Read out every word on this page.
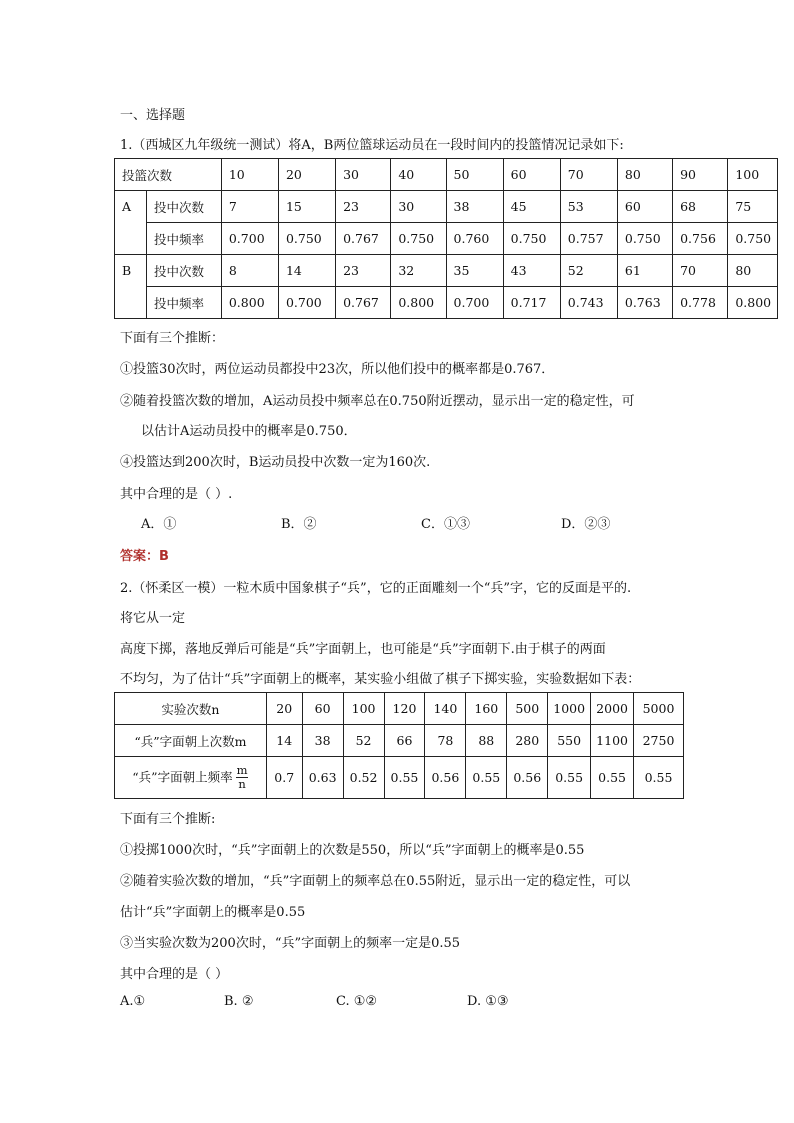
一、选择题
1.（西城区九年级统一测试）将A，B两位篮球运动员在一段时间内的投篮情况记录如下:
投篮次数		10	20	30	40	50	60	70	80	90	100
A	投中次数	7	15	23	30	38	45	53	60	68	75
	投中频率	0.700	0.750	0.767	0.750	0.760	0.750	0.757	0.750	0.756	0.750
B	投中次数	8	14	23	32	35	43	52	61	70	80
	投中频率	0.800	0.700	0.767	0.800	0.700	0.717	0.743	0.763	0.778	0.800
下面有三个推断：
①投篮30次时，两位运动员都投中23次，所以他们投中的概率都是0.767．
②随着投篮次数的增加，A运动员投中频率总在0.750附近摆动，显示出一定的稳定性，可
以估计A运动员投中的概率是0.750．
④投篮达到200次时，B运动员投中次数一定为160次.
其中合理的是（ ）.
A．①	B．②	C．①③	D．②③
答案：B
2.（怀柔区一模）一粒木质中国象棋子“兵”，它的正面雕刻一个“兵”字，它的反面是平的.
将它从一定
高度下掷，落地反弹后可能是“兵”字面朝上，也可能是“兵”字面朝下.由于棋子的两面
不均匀，为了估计“兵”字面朝上的概率，某实验小组做了棋子下掷实验，实验数据如下表：
实验次数n	20	60	100	120	140	160	500	1000	2000	5000
“兵”字面朝上次数m	14	38	52	66	78	88	280	550	1100	2750
“兵”字面朝上频率 $\frac{m}{n}$	0.7	0.63	0.52	0.55	0.56	0.55	0.56	0.55	0.55	0.55
下面有三个推断:
①投掷1000次时，“兵”字面朝上的次数是550，所以“兵”字面朝上的概率是0.55
②随着实验次数的增加，“兵”字面朝上的频率总在0.55附近，显示出一定的稳定性，可以
估计“兵”字面朝上的概率是0.55
③当实验次数为200次时，“兵”字面朝上的频率一定是0.55
其中合理的是（ ）
A.①	B. ②	C. ①②	D. ①③
